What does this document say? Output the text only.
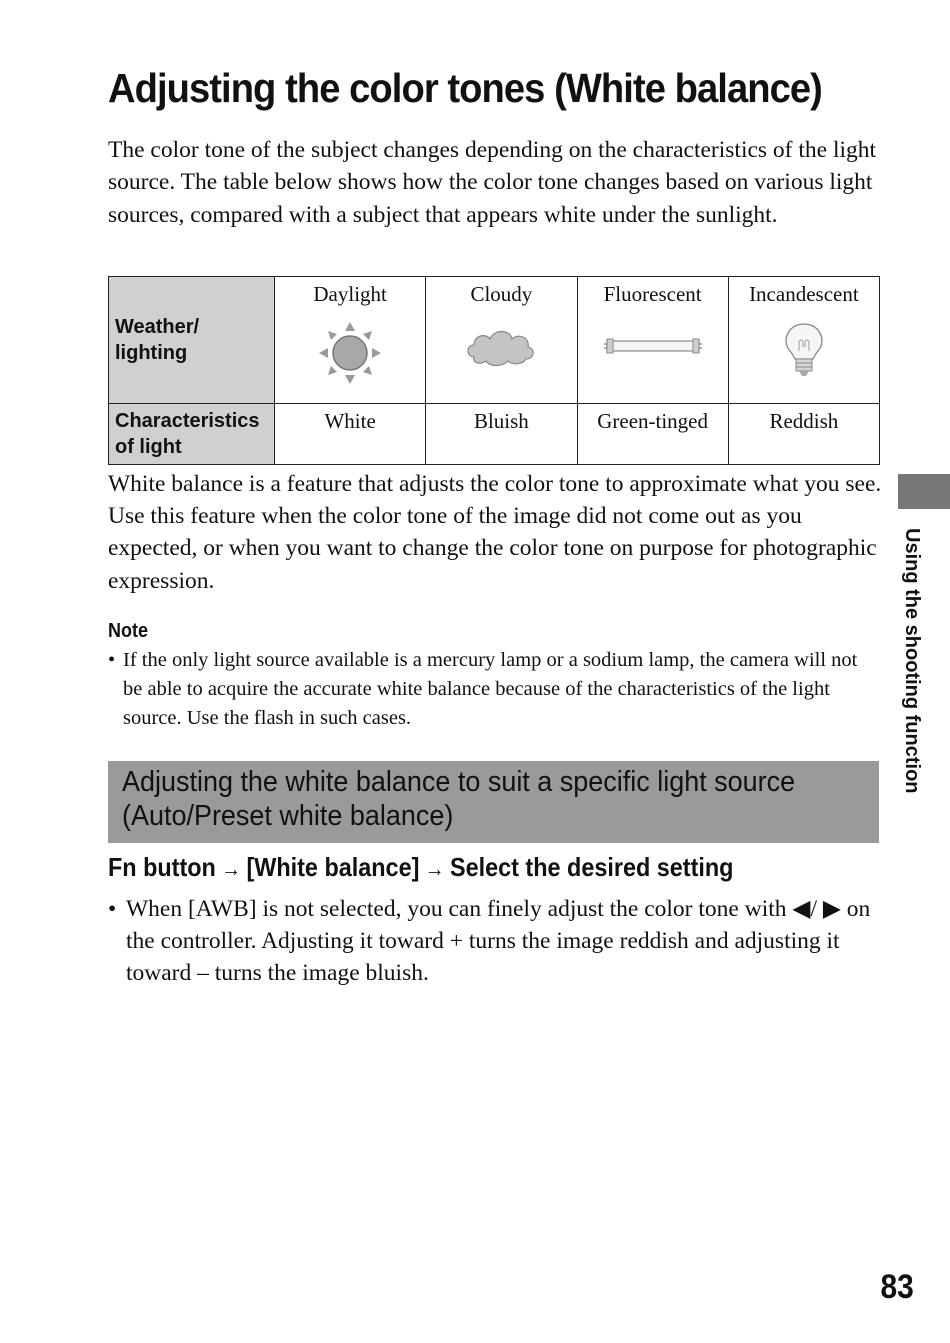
Adjusting the color tones (White balance)

The color tone of the subject changes depending on the characteristics of the light source. The table below shows how the color tone changes based on various light sources, compared with a subject that appears white under the sunlight.

Weather/ lighting	Daylight	Cloudy	Fluorescent	Incandescent

Characteristics of light	White	Bluish	Green-tinged	Reddish

White balance is a feature that adjusts the color tone to approximate what you see. Use this feature when the color tone of the image did not come out as you expected, or when you want to change the color tone on purpose for photographic expression.

Note
• If the only light source available is a mercury lamp or a sodium lamp, the camera will not be able to acquire the accurate white balance because of the characteristics of the light source. Use the flash in such cases.
Adjusting the white balance to suit a specific light source
(Auto/Preset white balance)
Fn button → [White balance] → Select the desired setting
• When [AWB] is not selected, you can finely adjust the color tone with ◀/ ▶ on the controller. Adjusting it toward + turns the image reddish and adjusting it toward – turns the image bluish.
Using the shooting function
83
